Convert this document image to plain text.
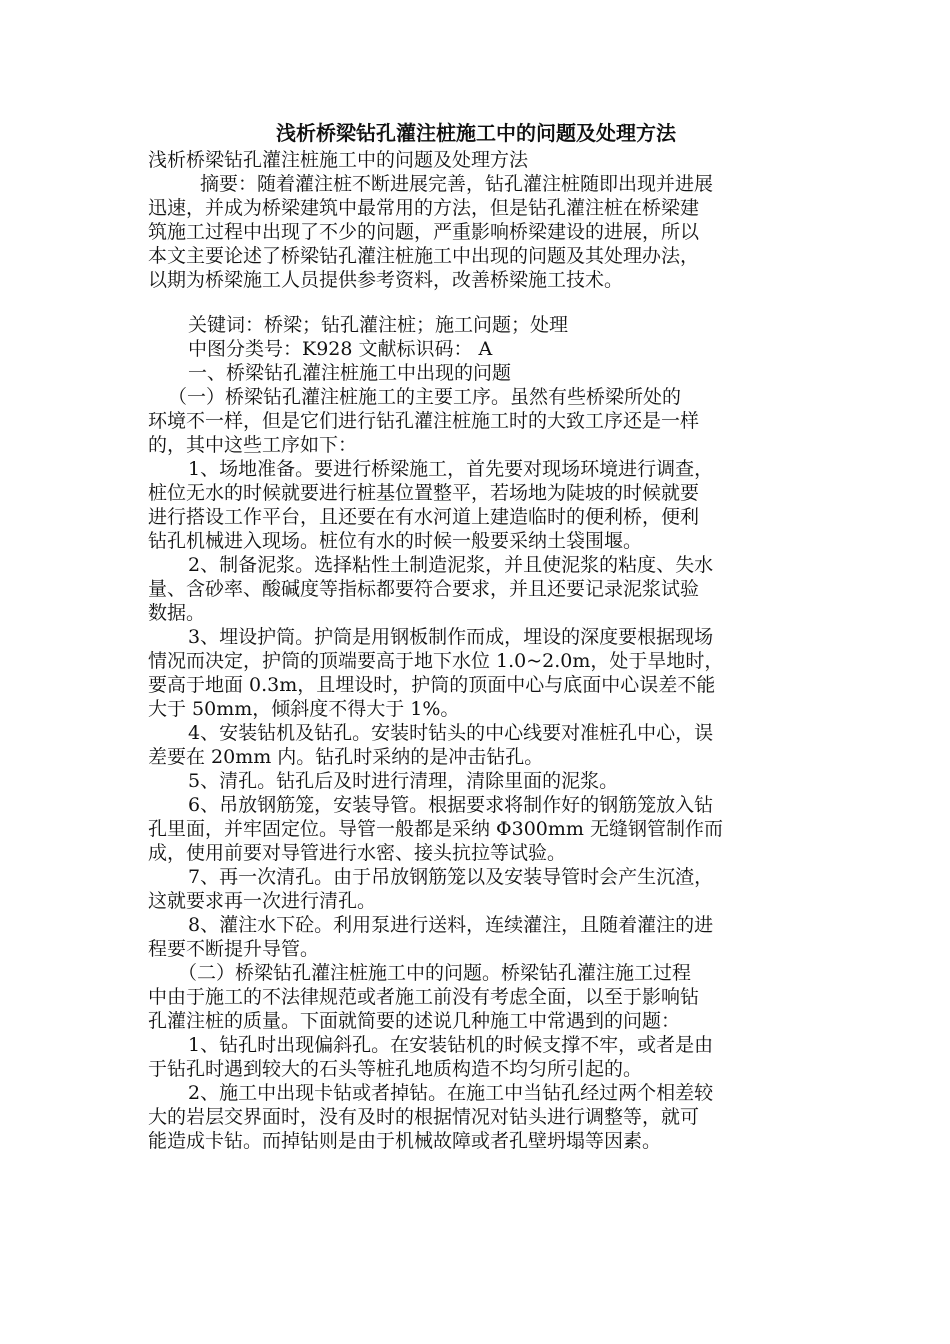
浅析桥梁钻孔灌注桩施工中的问题及处理方法

浅析桥梁钻孔灌注桩施工中的问题及处理方法

摘要：随着灌注桩不断进展完善，钻孔灌注桩随即出现并进展

迅速，并成为桥梁建筑中最常用的方法，但是钻孔灌注桩在桥梁建

筑施工过程中出现了不少的问题，严重影响桥梁建设的进展，所以

本文主要论述了桥梁钻孔灌注桩施工中出现的问题及其处理办法，

以期为桥梁施工人员提供参考资料，改善桥梁施工技术。

关键词：桥梁；钻孔灌注桩；施工问题；处理

中图分类号：K928 文献标识码： A

一、桥梁钻孔灌注桩施工中出现的问题

（一）桥梁钻孔灌注桩施工的主要工序。虽然有些桥梁所处的

环境不一样，但是它们进行钻孔灌注桩施工时的大致工序还是一样

的，其中这些工序如下：

1、场地准备。要进行桥梁施工，首先要对现场环境进行调查，

桩位无水的时候就要进行桩基位置整平，若场地为陡坡的时候就要

进行搭设工作平台，且还要在有水河道上建造临时的便利桥，便利

钻孔机械进入现场。桩位有水的时候一般要采纳土袋围堰。

2、制备泥浆。选择粘性土制造泥浆，并且使泥浆的粘度、失水

量、含砂率、酸碱度等指标都要符合要求，并且还要记录泥浆试验

数据。

3、埋设护筒。护筒是用钢板制作而成，埋设的深度要根据现场

情况而决定，护筒的顶端要高于地下水位 1.0~2.0m，处于旱地时，

要高于地面 0.3m，且埋设时，护筒的顶面中心与底面中心误差不能

大于 50mm，倾斜度不得大于 1%。

4、安装钻机及钻孔。安装时钻头的中心线要对准桩孔中心，误

差要在 20mm 内。钻孔时采纳的是冲击钻孔。

5、清孔。钻孔后及时进行清理，清除里面的泥浆。

6、吊放钢筋笼，安装导管。根据要求将制作好的钢筋笼放入钻

孔里面，并牢固定位。导管一般都是采纳 Φ300mm 无缝钢管制作而

成，使用前要对导管进行水密、接头抗拉等试验。

7、再一次清孔。由于吊放钢筋笼以及安装导管时会产生沉渣，

这就要求再一次进行清孔。

8、灌注水下砼。利用泵进行送料，连续灌注，且随着灌注的进

程要不断提升导管。

（二）桥梁钻孔灌注桩施工中的问题。桥梁钻孔灌注施工过程

中由于施工的不法律规范或者施工前没有考虑全面，以至于影响钻

孔灌注桩的质量。下面就简要的述说几种施工中常遇到的问题：

1、钻孔时出现偏斜孔。在安装钻机的时候支撑不牢，或者是由

于钻孔时遇到较大的石头等桩孔地质构造不均匀所引起的。

2、施工中出现卡钻或者掉钻。在施工中当钻孔经过两个相差较

大的岩层交界面时，没有及时的根据情况对钻头进行调整等，就可

能造成卡钻。而掉钻则是由于机械故障或者孔壁坍塌等因素。
